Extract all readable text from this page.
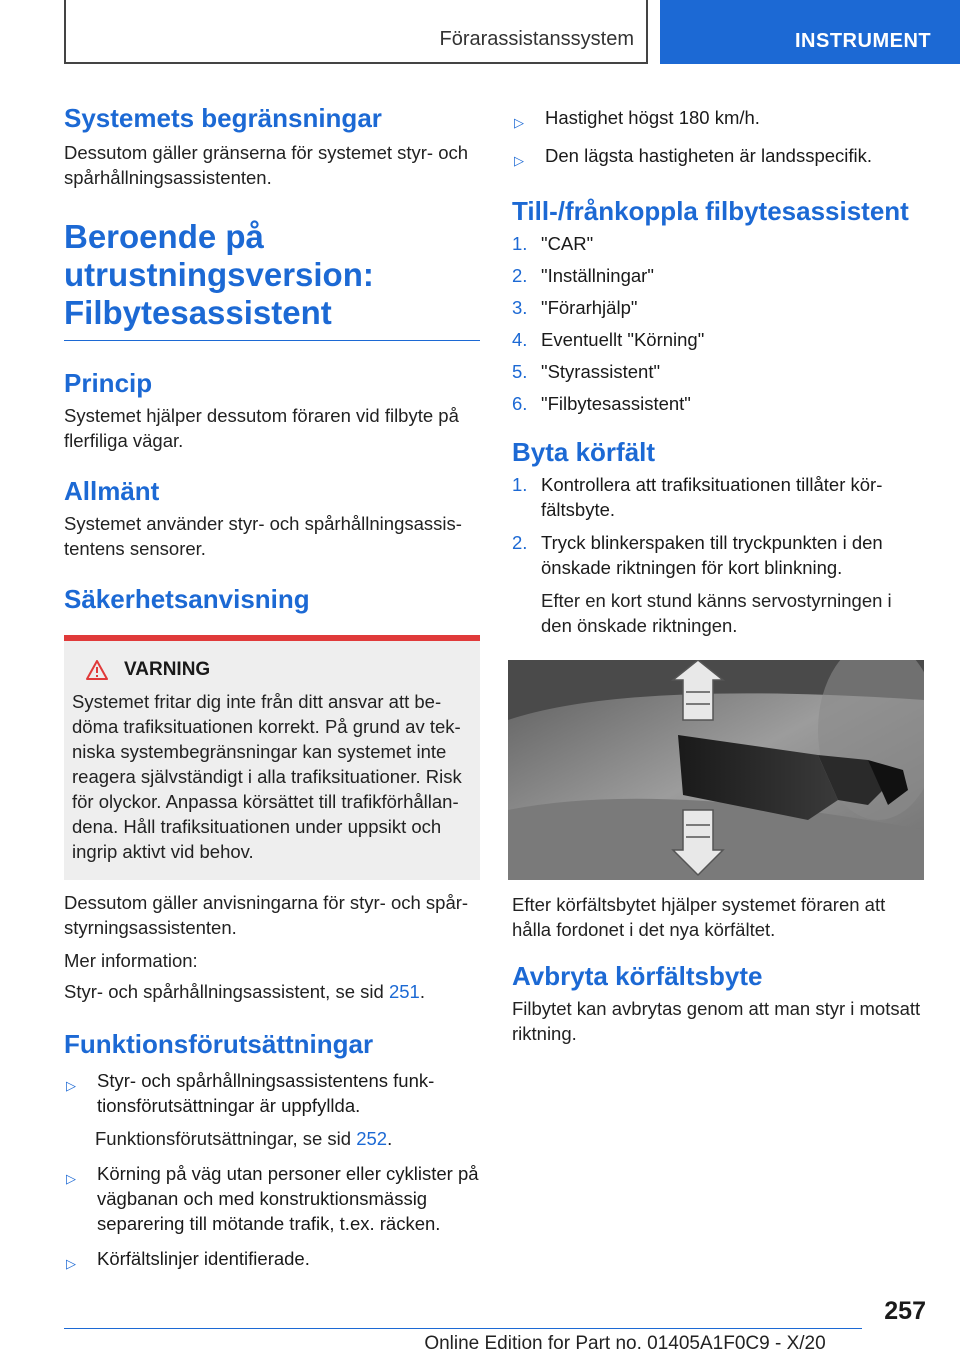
Förarassistanssystem	INSTRUMENT
Systemets begränsningar
Dessutom gäller gränserna för systemet styr- och spårhållningsassistenten.
Beroende på
utrustningsversion:
Filbytesassistent
Princip
Systemet hjälper dessutom föraren vid filbyte på flerfiliga vägar.
Allmänt
Systemet använder styr- och spårhållningsassistentens sensorer.
Säkerhetsanvisning
VARNING
Systemet fritar dig inte från ditt ansvar att bedöma trafiksituationen korrekt. På grund av tekniska systembegränsningar kan systemet inte reagera självständigt i alla trafiksituationer. Risk för olyckor. Anpassa körsättet till trafikförhållandena. Håll trafiksituationen under uppsikt och ingrip aktivt vid behov.
Dessutom gäller anvisningarna för styr- och spårstyrningsassistenten.
Mer information:
Styr- och spårhållningsassistent, se sid 251.
Funktionsförutsättningar
▷	Styr- och spårhållningsassistentens funktionsförutsättningar är uppfyllda.
Funktionsförutsättningar, se sid 252.
▷	Körning på väg utan personer eller cyklister på vägbanan och med konstruktionsmässig separering till mötande trafik, t.ex. räcken.
▷	Körfältslinjer identifierade.
▷	Hastighet högst 180 km/h.
▷	Den lägsta hastigheten är landsspecifik.
Till-/frånkoppla filbytesassistent
1. "CAR"
2. "Inställningar"
3. "Förarhjälp"
4. Eventuellt "Körning"
5. "Styrassistent"
6. "Filbytesassistent"
Byta körfält
1. Kontrollera att trafiksituationen tillåter körfältsbyte.
2. Tryck blinkerspaken till tryckpunkten i den önskade riktningen för kort blinkning.
Efter en kort stund känns servostyrningen i den önskade riktningen.
Efter körfältsbytet hjälper systemet föraren att hålla fordonet i det nya körfältet.
Avbryta körfältsbyte
Filbytet kan avbrytas genom att man styr i motsatt riktning.
257
Online Edition for Part no. 01405A1F0C9 - X/20
